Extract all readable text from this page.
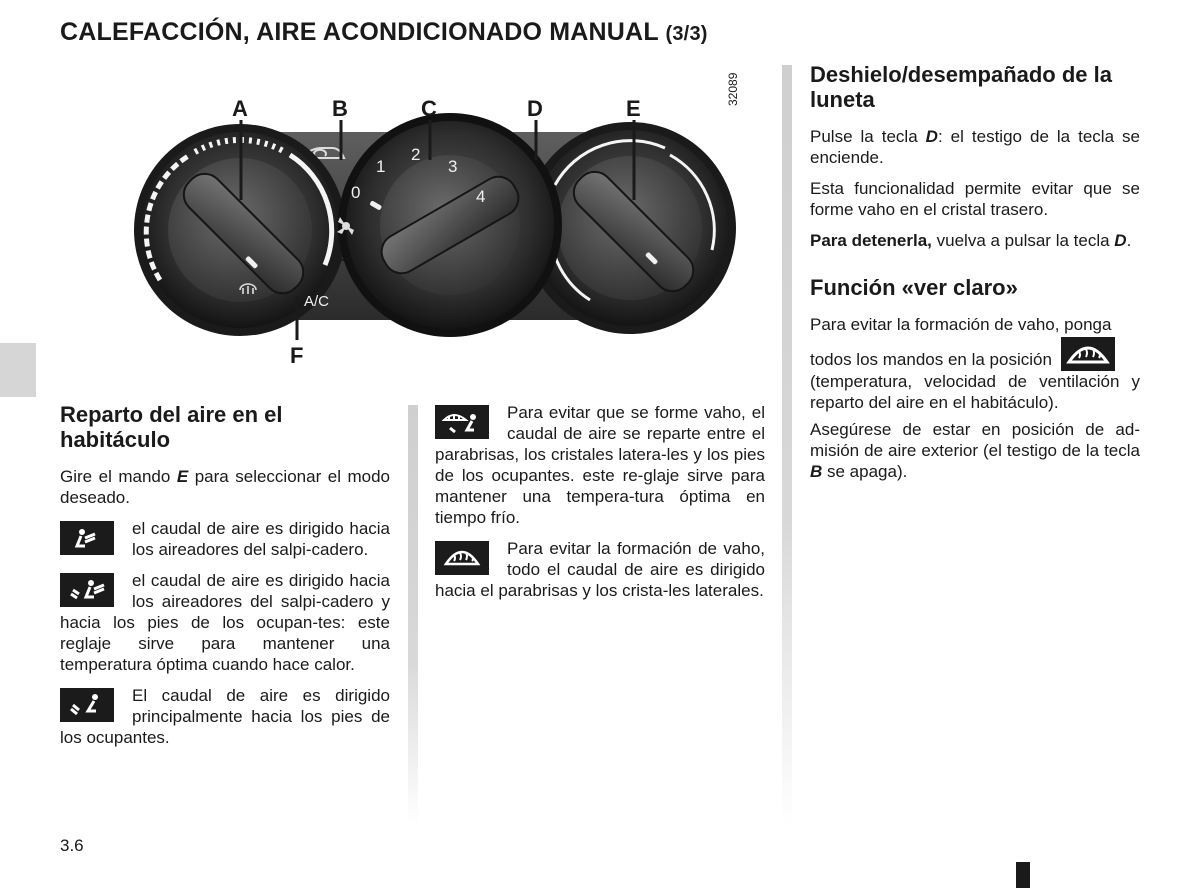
CALEFACCIÓN, AIRE ACONDICIONADO MANUAL (3/3)
0
1
2
3
4
A/C
A	B	C	D	E
F
32089
Reparto del aire en el habitáculo

Gire el mando E para seleccionar el modo deseado.

el caudal de aire es dirigido hacia los aireadores del salpi-cadero.

el caudal de aire es dirigido hacia los aireadores del salpi-cadero y hacia los pies de los ocupan-tes: este reglaje sirve para mantener una temperatura óptima cuando hace calor.

El caudal de aire es dirigido principalmente hacia los pies de los ocupantes.

Para evitar que se forme vaho, el caudal de aire se reparte entre el parabrisas, los cristales latera-les y los pies de los ocupantes. este re-glaje sirve para mantener una tempera-tura óptima en tiempo frío.

Para evitar la formación de vaho, todo el caudal de aire es dirigido hacia el parabrisas y los crista-les laterales.

Deshielo/desempañado de la luneta

Pulse la tecla D: el testigo de la tecla se enciende.

Esta funcionalidad permite evitar que se forme vaho en el cristal trasero.

Para detenerla, vuelva a pulsar la tecla D.

Función «ver claro»

Para evitar la formación de vaho, ponga
todos los mandos en la posición
(temperatura, velocidad de ventilación y reparto del aire en el habitáculo).

Asegúrese de estar en posición de ad-misión de aire exterior (el testigo de la tecla B se apaga).

3.6
